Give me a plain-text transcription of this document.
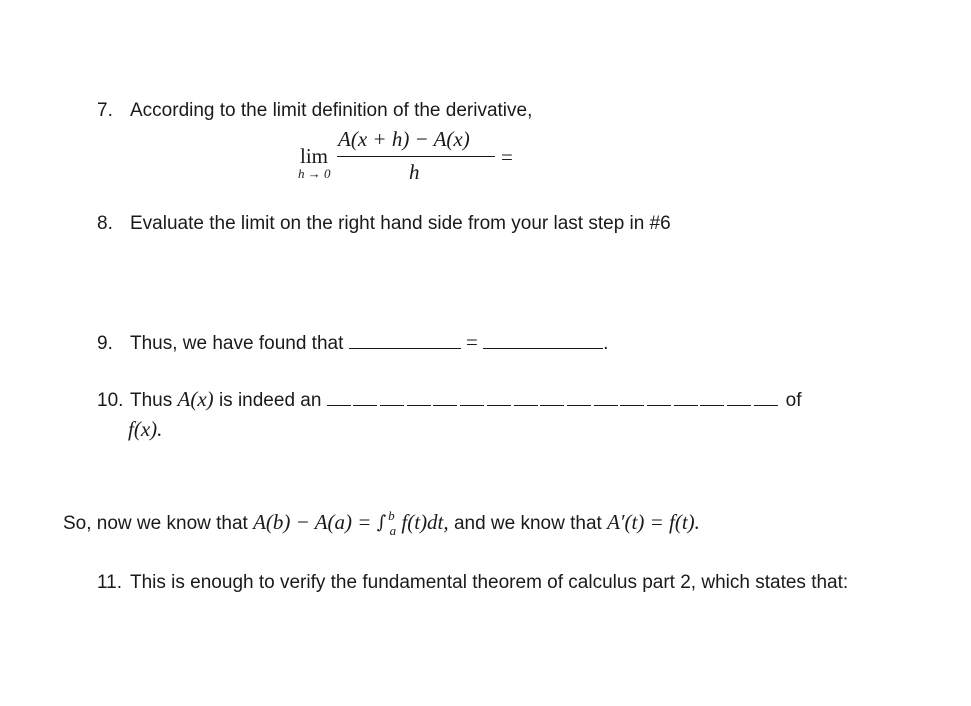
7. According to the limit definition of the derivative,
lim
h → 0
A(x + h) − A(x)
h
=
8. Evaluate the limit on the right hand side from your last step in #6
9. Thus, we have found that	=	.
10. Thus A(x) is indeed an	of
f(x).
So, now we know that A(b) − A(a) = ∫ $^b_a$ f(t)dt, and we know that A′(t) = f(t).
11. This is enough to verify the fundamental theorem of calculus part 2, which states that:
